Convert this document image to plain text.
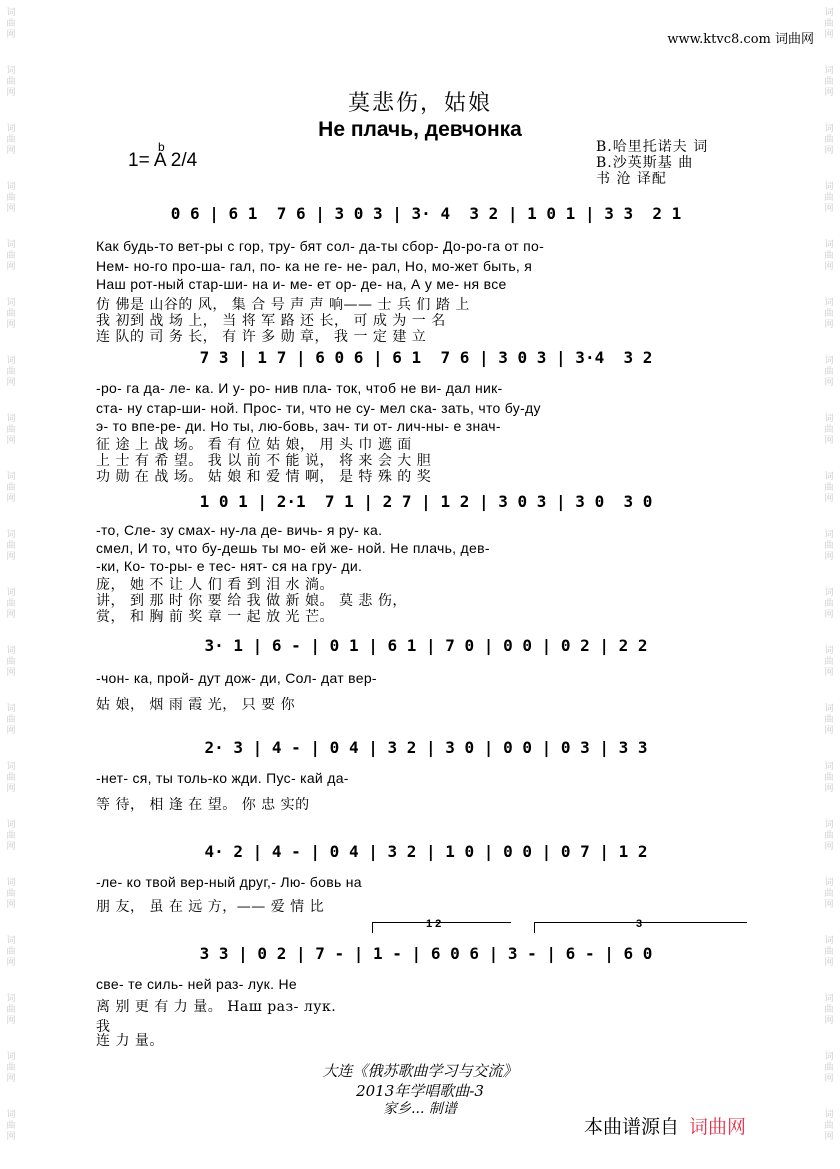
词
曲
网
词
曲
网
词
曲
网
词
曲
网
词
曲
网
词
曲
网
词
曲
网
词
曲
网
词
曲
网
词
曲
网
词
曲
网
词
曲
网
词
曲
网
词
曲
网
词
曲
网
词
曲
网
词
曲
网
词
曲
网
词
曲
网
词
曲
网
词
曲
网
词
曲
网
词
曲
网
词
曲
网
词
曲
网
词
曲
网
词
曲
网
词
曲
网
词
曲
网
词
曲
网
词
曲
网
词
曲
网
词
曲
网
词
曲
网
词
曲
网
词
曲
网
词
曲
网
词
曲
网
词
曲
网
词
曲
网
www.ktvc8.com 词曲网
莫悲伤，姑娘
Не плачь, девчонка
b
1= A 2/4
B.哈里托诺夫 词
B.沙英斯基 曲
书 沧 译配
0 6 | 6 1  7 6 | 3 0 3 | 3· 4  3 2 | 1 0 1 | 3 3  2 1
Как будь-то вет-ры с гор, тру- бят сол- да-ты сбор- До-ро-га от по-
Нем- но-го про-ша- гал, по- ка не ге- не- рал, Но, мо-жет быть, я
Наш рот-ный стар-ши- на и- ме- ет ор- де- на, А у ме- ня все
仿 佛是 山谷的 风， 集 合 号 声 声 响—— 士 兵 们 踏 上
我 初到 战 场 上， 当 将 军 路 还 长， 可 成 为 一 名
连 队的 司 务 长， 有 许 多 勋 章， 我 一 定 建 立
7 3 | 1 7 | 6 0 6 | 6 1  7 6 | 3 0 3 | 3·4  3 2
-ро- га да- ле- ка. И у- ро- нив пла- ток, чтоб не ви- дал ник-
ста- ну стар-ши- ной. Прос- ти, что не су- мел ска- зать, что бу-ду
э- то впе-ре- ди. Но ты, лю-бовь, зач- ти от- лич-ны- е знач-
征 途 上 战 场。 看 有 位 姑 娘， 用 头 巾 遮 面
上 士 有 希 望。 我 以 前 不 能 说， 将 来 会 大 胆
功 勋 在 战 场。 姑 娘 和 爱 情 啊， 是 特 殊 的 奖
1 0 1 | 2·1  7 1 | 2 7 | 1 2 | 3 0 3 | 3 0  3 0
-то, Сле- зу смах- ну-ла де- вичь- я ру- ка.
смел, И то, что бу-дешь ты мо- ей же- ной. Не плачь, дев-
-ки, Ко- то-ры- е тес- нят- ся на гру- ди.
庞， 她 不 让 人 们 看 到 泪 水 淌。
讲， 到 那 时 你 要 给 我 做 新 娘。 莫 悲 伤，
赏， 和 胸 前 奖 章 一 起 放 光 芒。
3· 1 | 6 - | 0 1 | 6 1 | 7 0 | 0 0 | 0 2 | 2 2
-чон- ка, прой- дут дож- ди, Сол- дат вер-
姑 娘， 烟 雨 霞 光， 只 要 你
2· 3 | 4 - | 0 4 | 3 2 | 3 0 | 0 0 | 0 3 | 3 3
-нет- ся, ты толь-ко жди. Пус- кай да-
等 待， 相 逢 在 望。 你 忠 实的
4· 2 | 4 - | 0 4 | 3 2 | 1 0 | 0 0 | 0 7 | 1 2
-ле- ко твой вер-ный друг,- Лю- бовь на
朋 友， 虽 在 远 方，—— 爱 情 比
1 2	3
3 3 | 0 2 | 7 - | 1 - | 6 0 6 | 3 - | 6 - | 6 0
све- те силь- ней раз- лук. Не
离 别 更 有 力 量。 Наш раз- лук.
我
连 力 量。
大连《俄苏歌曲学习与交流》
2013年学唱歌曲-3
家乡... 制谱
本曲谱源自 词曲网
